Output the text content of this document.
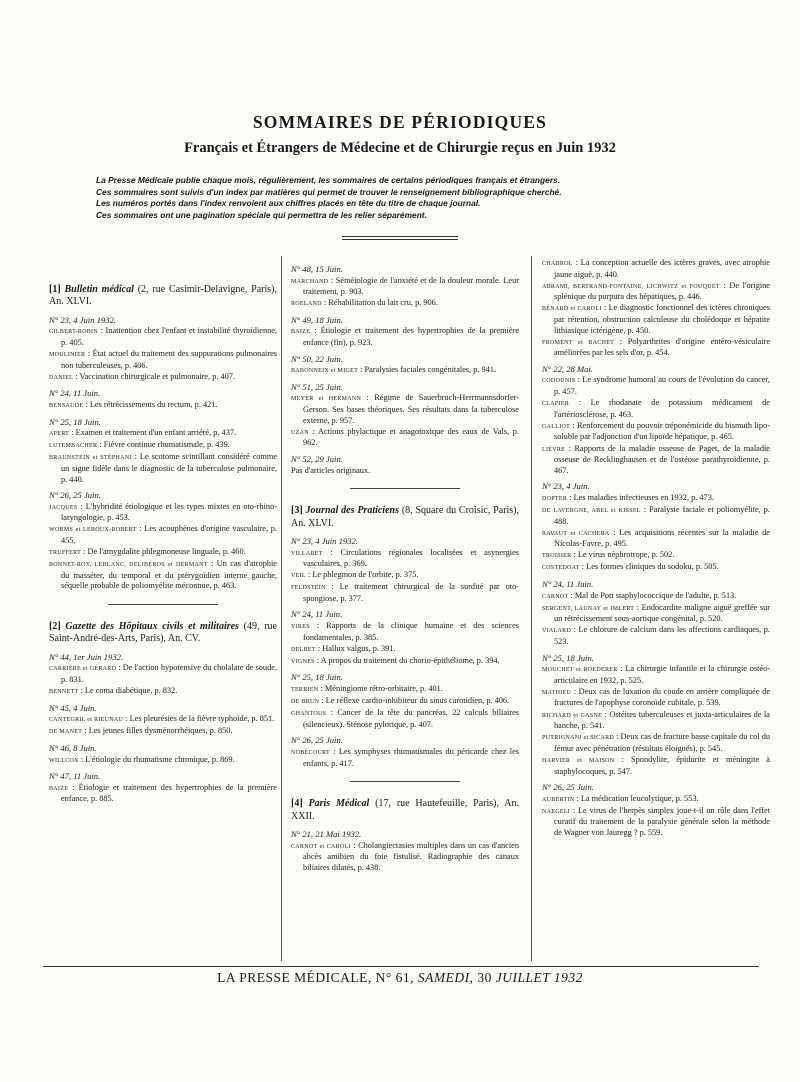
SOMMAIRES DE PÉRIODIQUES
Français et Étrangers de Médecine et de Chirurgie reçus en Juin 1932
La Presse Médicale publie chaque mois, régulièrement, les sommaires de certains périodiques français et étrangers.
Ces sommaires sont suivis d'un index par matières qui permet de trouver le renseignement bibliographique cherché.
Les numéros portés dans l'index renvoient aux chiffres placés en tête du titre de chaque journal.
Ces sommaires ont une pagination spéciale qui permettra de les relier séparément.
[1] Bulletin médical (2, rue Casimir-Delavigne, Paris), An. XLVI.
N° 23, 4 Juin 1932.
GILBERT-ROBIN : Inattention chez l'enfant et instabilité thyroïdienne, p. 405.
MOULINIER : État actuel du traitement des suppurations pulmonaires non tuberculeuses, p. 406.
DANIEL : Vaccination chirurgicale et pulmonaire, p. 407.
N° 24, 11 Juin.
BENSAUDE : Les rétrécissements du rectum, p. 421.
N° 25, 18 Juin.
APERT : Examen et traitement d'un enfant arriéré, p. 437.
LUTEMBACHER : Fièvre continue rhumatismale, p. 439.
BRAUNSTEIN et STÉPHANI : Le scotome scintillant considéré comme un signe fidèle dans le diagnostic de la tuberculose pulmonaire, p. 440.
N° 26, 25 Juin.
JACQUES : L'hybridité étiologique et les types mixtes en oto-rhino-laryngologie, p. 453.
WORMS et LEROUX-ROBERT : Les acouphènes d'origine vasculaire, p. 455.
TRUFFERT : De l'amygdalite phlegmoneuse linguale, p. 460.
BONNET-ROY, LEBLANC, DELIBÉROS et DERMANT : Un cas d'atrophie du masséter, du temporal et du ptérygoïdien interne gauche, séquelle probable de poliomyélite méconnue, p. 463.
[2] Gazette des Hôpitaux civils et militaires (49, rue Saint-André-des-Arts, Paris), An. CV.
N° 44, 1er Juin 1932.
CARRIÈRE et GÉRARD : De l'action hypotensive du cholalate de soude, p. 831.
BENNETT : Le coma diabétique, p. 832.
N° 45, 4 Juin.
CANTEGRIL et RIEUNAU : Les pleurésies de la fièvre typhoïde, p. 851.
DE MANET : Les jeunes filles dysménorrhéiques, p. 850.
N° 46, 8 Juin.
WILLCOX : L'étiologie du rhumatisme chronique, p. 869.
N° 47, 11 Juin.
BAIZE : Étiologie et traitement des hypertrophies de la première enfance, p. 885.
N° 48, 15 Juin.
MARCHAND : Séméiologie de l'anxiété et de la douleur morale. Leur traitement, p. 903.
ROELAND : Réhabilitation du lait cru, p. 906.
N° 49, 18 Juin.
BAIZE : Étiologie et traitement des hypertrophies de la première enfance (fin), p. 923.
N° 50, 22 Juin.
BABONNEIX et MIGET : Paralysies faciales congénitales, p. 941.
N° 51, 25 Juin.
MEYER et HERMANN : Régime de Sauerbruch-Herrmannsdorfer-Gerson. Ses bases théoriques. Ses résultats dans la tuberculose externe, p. 957.
UZAN : Actions phylactique et anagotoxique des eaux de Vals, p. 962.
N° 52, 29 Juin.
Pas d'articles originaux.
[3] Journal des Praticiens (8, Square du Croisic, Paris), An. XLVI.
N° 23, 4 Juin 1932.
VILLARET : Circulations régionales localisées et asynergies vasculaires, p. 369.
VEIL : Le phlegmon de l'orbite, p. 375.
FELDSTEIN : Le traitement chirurgical de la surdité par oto-spongiose, p. 377.
N° 24, 11 Juin.
VIRES : Rapports de la clinique humaine et des sciences fondamentales, p. 385.
DELBET : Hallux valgus, p. 391.
VIGNES : A propos du traitement du chorio-épithéliome, p. 394.
N° 25, 18 Juin.
TERRIEN : Méningiome rétro-orbitaire, p. 401.
DE BRUN : Le réflexe cardio-inhibiteur du sinus carotidien, p. 406.
GHANTOUS : Cancer de la tête du pancréas. 22 calculs biliaires (silencieux). Sténose pylorique, p. 407.
N° 26, 25 Juin.
NOBÉCOURT : Les symphyses rhumatismales du péricarde chez les enfants, p. 417.
[4] Paris Médical (17, rue Hautefeuille, Paris), An. XXII.
N° 21, 21 Mai 1932.
CARNOT et CAROLI : Cholangiectasies multiples dans un cas d'ancien abcès amibien du foie fistulisé. Radiographie des canaux biliaires dilatés, p. 438.
CHABROL : La conception actuelle des ictères graves, avec atrophie jaune aiguë, p. 440.
ABRAMI, BERTRAND-FONTAINE, LICHWITZ et FOUQUET : De l'origine splénique du purpura des hépatiques, p. 446.
BÉNARD et CAROLI : Le diagnostic fonctionnel des ictères chroniques par rétention, obstruction calculeuse du cholédoque et hépatite lithiasique ictérigène, p. 450.
FROMENT et BACHET : Polyarthrites d'origine entéro-vésiculaire améliorées par les sels d'or, p. 454.
N° 22, 28 Mai.
CODOUNIS : Le syndrome humoral au cours de l'évolution du cancer, p. 457.
CLAPIER : Le rhodanate de potassium médicament de l'artériosclérose, p. 463.
GALLIOT : Renforcement du pouvoir tréponémicide du bismuth lipo-soluble par l'adjonction d'un lipoïde hépatique, p. 465.
LIÈVRE : Rapports de la maladie osseuse de Paget, de la maladie osseuse de Recklinghausen et de l'ostéose parathyroïdienne, p. 467.
N° 23, 4 Juin.
DOPTER : Les maladies infectieuses en 1932, p. 473.
DE LAVERGNE, ABEL et KISSEL : Paralysie faciale et poliomyélite, p. 488.
RAVAUT et CACHERA : Les acquisitions récentes sur la maladie de Nicolas-Favre, p. 495.
TROISIER : Le virus néphrotrope, p. 502.
COSTEDOAT : Les formes cliniques du sodoku, p. 505.
N° 24, 11 Juin.
CARNOT : Mal de Pott staphylococcique de l'adulte, p. 513.
SERGENT, LAUNAY et IMLERT : Endocardite maligne aiguë greffée sur un rétrécissement sous-aortique congénital, p. 520.
VIALARD : Le chlorure de calcium dans les affections cardiaques, p. 523.
N° 25, 18 Juin.
MOUCHET et ROEDERER : La chirurgie infantile et la chirurgie ostéo-articulaire en 1932, p. 525.
MATHIEU : Deux cas de luxation du coude en arrière compliquée de fractures de l'apophyse coronoïde cubitale, p. 539.
RICHARD et GASNE : Ostéites tuberculeuses et juxta-articulaires de la hanche, p. 541.
PUTRIGNANI et SICARD : Deux cas de fracture basse capitale du col du fémur avec pénétration (résultats éloignés), p. 545.
HARVIER et MAISON : Spondylite, épidurite et méningite à staphylocoques, p. 547.
N° 26, 25 Juin.
AUBERTIN : La médication leucolytique, p. 553.
NAEGELI : Le virus de l'herpès simplex joue-t-il un rôle dans l'effet curatif du traitement de la paralysie générale selon la méthode de Wagner von Jauregg ? p. 559.
LA PRESSE MÉDICALE, N° 61, SAMEDI, 30 JUILLET 1932
